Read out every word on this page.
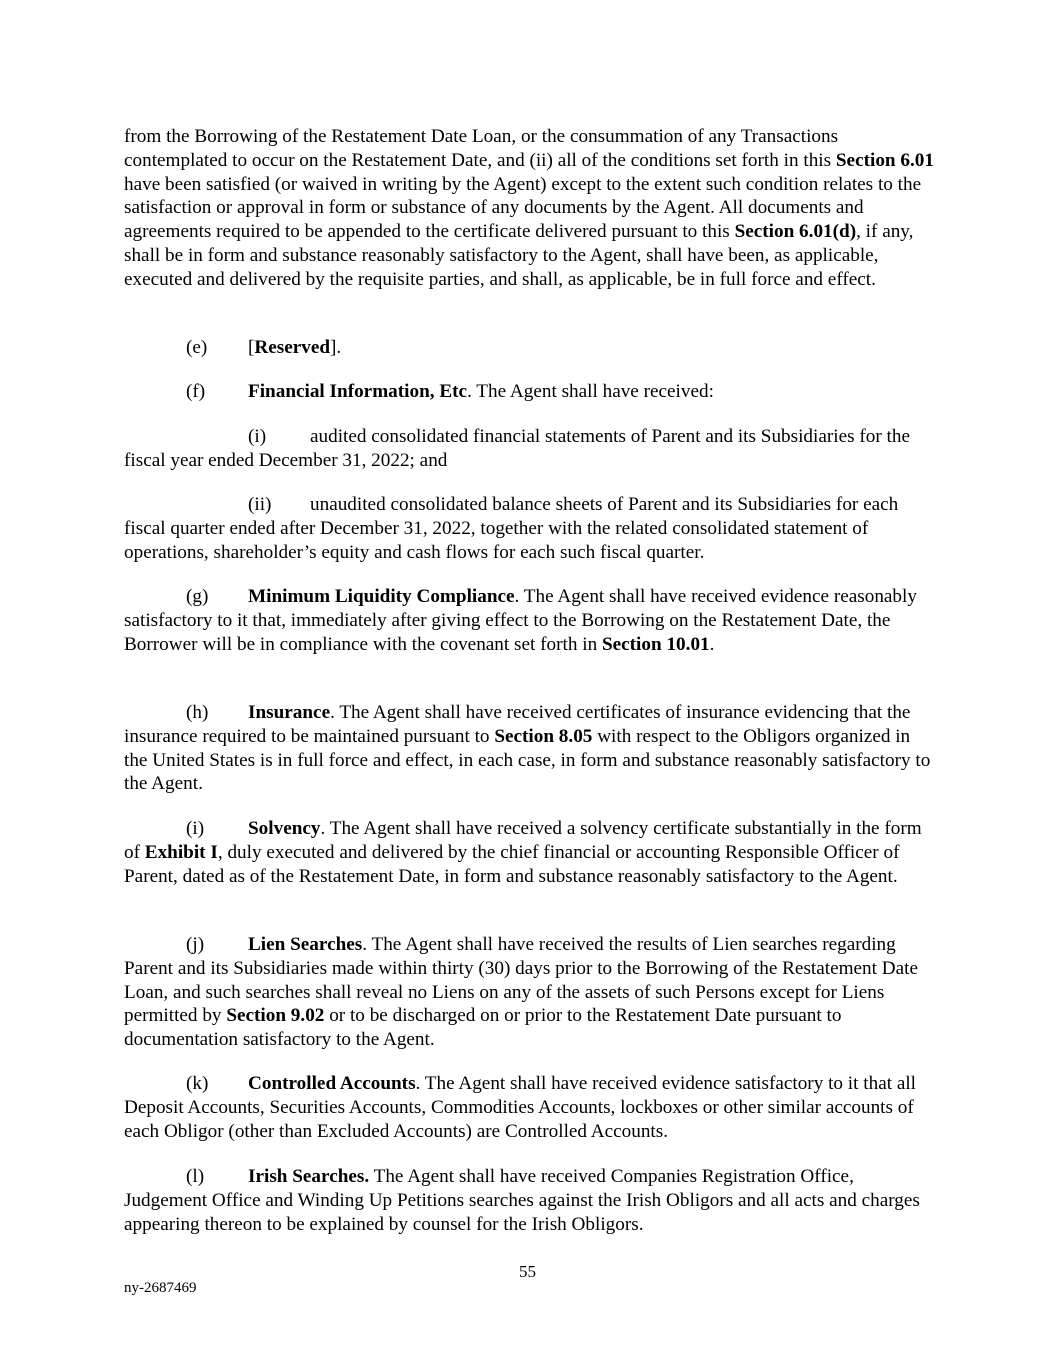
from the Borrowing of the Restatement Date Loan, or the consummation of any Transactions contemplated to occur on the Restatement Date, and (ii) all of the conditions set forth in this Section 6.01 have been satisfied (or waived in writing by the Agent) except to the extent such condition relates to the satisfaction or approval in form or substance of any documents by the Agent. All documents and agreements required to be appended to the certificate delivered pursuant to this Section 6.01(d), if any, shall be in form and substance reasonably satisfactory to the Agent, shall have been, as applicable, executed and delivered by the requisite parties, and shall, as applicable, be in full force and effect.

(e) [Reserved].

(f) Financial Information, Etc. The Agent shall have received:

(i) audited consolidated financial statements of Parent and its Subsidiaries for the fiscal year ended December 31, 2022; and

(ii) unaudited consolidated balance sheets of Parent and its Subsidiaries for each fiscal quarter ended after December 31, 2022, together with the related consolidated statement of operations, shareholder’s equity and cash flows for each such fiscal quarter.

(g) Minimum Liquidity Compliance. The Agent shall have received evidence reasonably satisfactory to it that, immediately after giving effect to the Borrowing on the Restatement Date, the Borrower will be in compliance with the covenant set forth in Section 10.01.

(h) Insurance. The Agent shall have received certificates of insurance evidencing that the insurance required to be maintained pursuant to Section 8.05 with respect to the Obligors organized in the United States is in full force and effect, in each case, in form and substance reasonably satisfactory to the Agent.

(i) Solvency. The Agent shall have received a solvency certificate substantially in the form of Exhibit I, duly executed and delivered by the chief financial or accounting Responsible Officer of Parent, dated as of the Restatement Date, in form and substance reasonably satisfactory to the Agent.

(j) Lien Searches. The Agent shall have received the results of Lien searches regarding Parent and its Subsidiaries made within thirty (30) days prior to the Borrowing of the Restatement Date Loan, and such searches shall reveal no Liens on any of the assets of such Persons except for Liens permitted by Section 9.02 or to be discharged on or prior to the Restatement Date pursuant to documentation satisfactory to the Agent.

(k) Controlled Accounts. The Agent shall have received evidence satisfactory to it that all Deposit Accounts, Securities Accounts, Commodities Accounts, lockboxes or other similar accounts of each Obligor (other than Excluded Accounts) are Controlled Accounts.

(l) Irish Searches. The Agent shall have received Companies Registration Office, Judgement Office and Winding Up Petitions searches against the Irish Obligors and all acts and charges appearing thereon to be explained by counsel for the Irish Obligors.

55
ny-2687469
